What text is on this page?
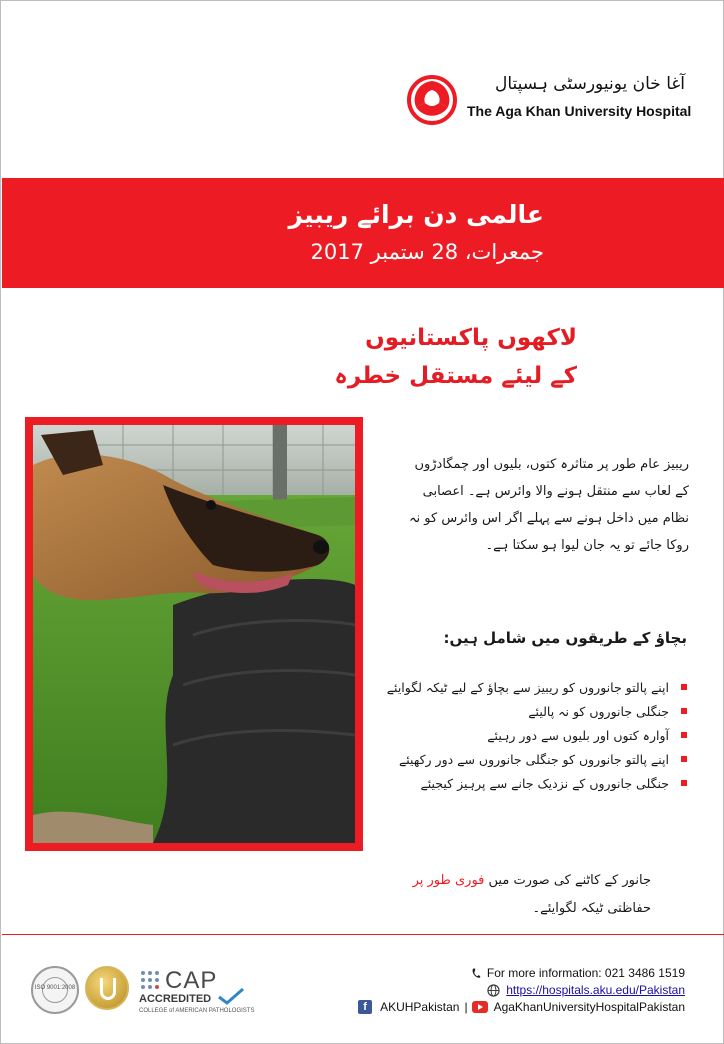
آغا خان یونیورسٹی ہسپتال
The Aga Khan University Hospital
عالمی دن برائے ریبیز
جمعرات، 28 ستمبر 2017
لاکھوں پاکستانیوں
کے لیئے مستقل خطرہ
ریبیز عام طور پر متاثرہ کتوں، بلیوں اور چمگادڑوں کے لعاب سے منتقل ہونے والا وائرس ہے۔ اعصابی نظام میں داخل ہونے سے پہلے اگر اس وائرس کو نہ روکا جائے تو یہ جان لیوا ہو سکتا ہے۔
بچاؤ کے طریقوں میں شامل ہیں:
اپنے پالتو جانوروں کو ریبیز سے بچاؤ کے لیے ٹیکہ لگوایئے
جنگلی جانوروں کو نہ پالیئے
آوارہ کتوں اور بلیوں سے دور رہیئے
اپنے پالتو جانوروں کو جنگلی جانوروں سے دور رکھیئے
جنگلی جانوروں کے نزدیک جانے سے پرہیز کیجیئے
جانور کے کاٹنے کی صورت میں فوری طور پر حفاظتی ٹیکہ لگوایئے۔
ISO 9001:2008	CAP
ACCREDITED
COLLEGE of AMERICAN PATHOLOGISTS
For more information: 021 3486 1519
https://hospitals.aku.edu/Pakistan
f	AKUHPakistan | AgaKhanUniversityHospitalPakistan
